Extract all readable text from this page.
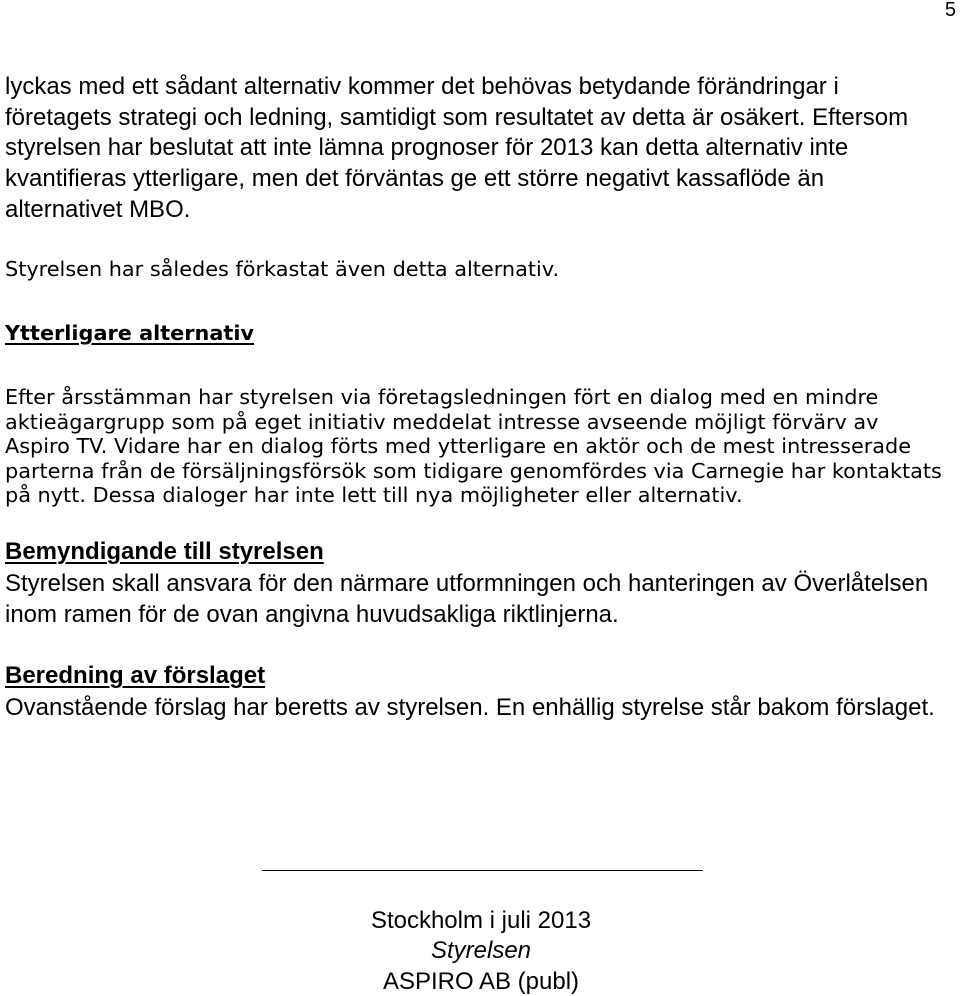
5
lyckas med ett sådant alternativ kommer det behövas betydande förändringar i
företagets strategi och ledning, samtidigt som resultatet av detta är osäkert. Eftersom
styrelsen har beslutat att inte lämna prognoser för 2013 kan detta alternativ inte
kvantifieras ytterligare, men det förväntas ge ett större negativt kassaflöde än
alternativet MBO.
Styrelsen har således förkastat även detta alternativ.
Ytterligare alternativ
Efter årsstämman har styrelsen via företagsledningen fört en dialog med en mindre
aktieägargrupp som på eget initiativ meddelat intresse avseende möjligt förvärv av
Aspiro TV. Vidare har en dialog förts med ytterligare en aktör och de mest intresserade
parterna från de försäljningsförsök som tidigare genomfördes via Carnegie har kontaktats
på nytt. Dessa dialoger har inte lett till nya möjligheter eller alternativ.
Bemyndigande till styrelsen
Styrelsen skall ansvara för den närmare utformningen och hanteringen av Överlåtelsen
inom ramen för de ovan angivna huvudsakliga riktlinjerna.
Beredning av förslaget
Ovanstående förslag har beretts av styrelsen. En enhällig styrelse står bakom förslaget.
Stockholm i juli 2013
Styrelsen
ASPIRO AB (publ)
